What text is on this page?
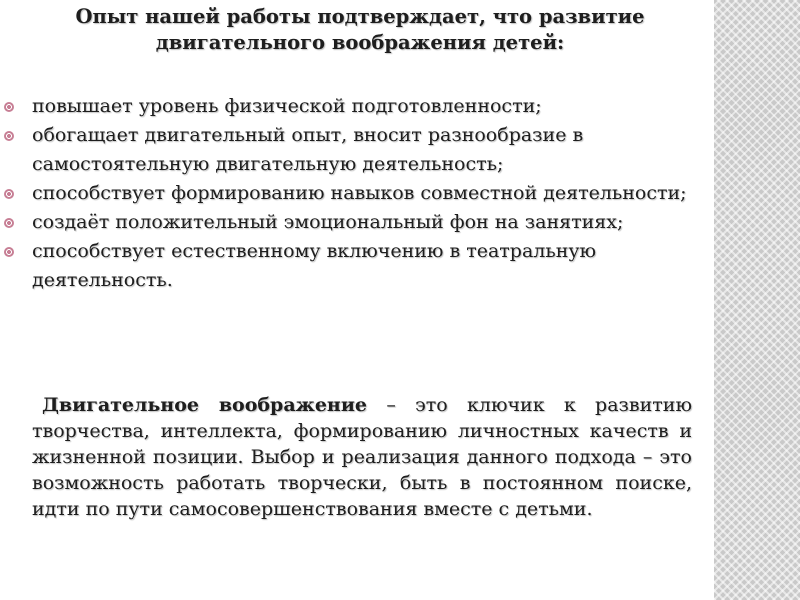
Опыт нашей работы подтверждает, что развитие
двигательного воображения детей:
повышает уровень физической подготовленности;
обогащает двигательный опыт, вносит разнообразие в самостоятельную двигательную деятельность;
способствует формированию навыков совместной деятельности;
создаёт положительный эмоциональный фон на занятиях;
способствует естественному включению в театральную деятельность.

Двигательное воображение – это ключик к развитию творчества, интеллекта, формированию личностных качеств и жизненной позиции. Выбор и реализация данного подхода – это возможность работать творчески, быть в постоянном поиске, идти по пути самосовершенствования вместе с детьми.
